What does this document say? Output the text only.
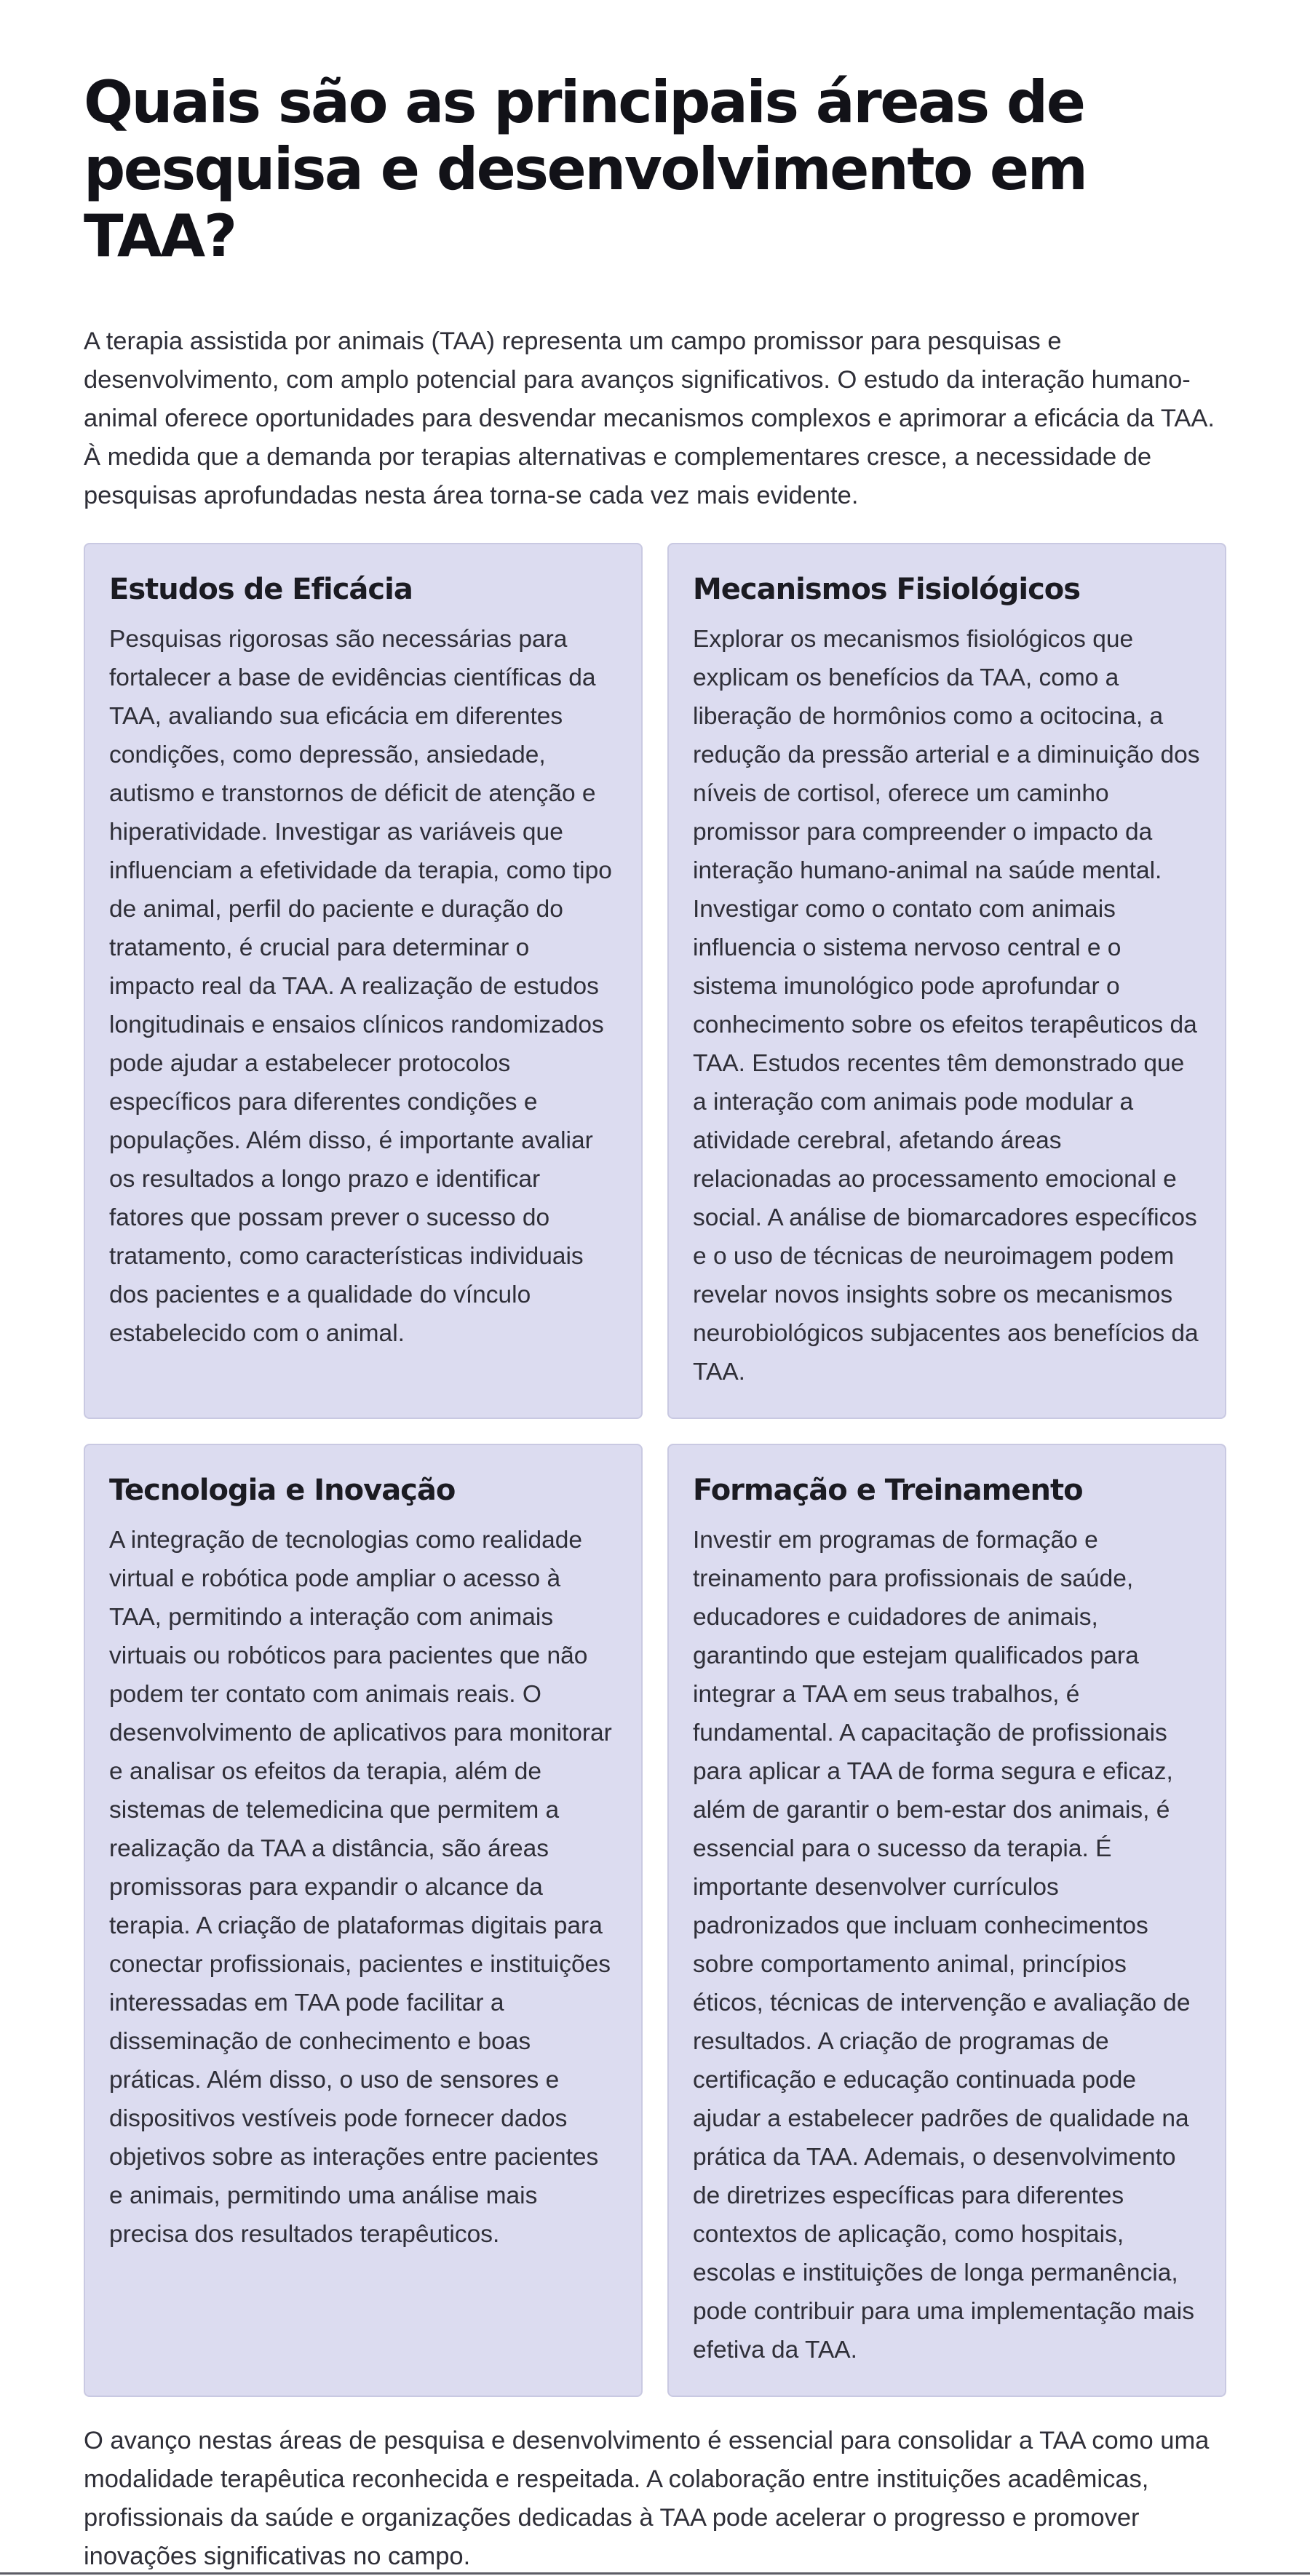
Quais são as principais áreas de pesquisa e desenvolvimento em TAA?

A terapia assistida por animais (TAA) representa um campo promissor para pesquisas e desenvolvimento, com amplo potencial para avanços significativos. O estudo da interação humano-animal oferece oportunidades para desvendar mecanismos complexos e aprimorar a eficácia da TAA. À medida que a demanda por terapias alternativas e complementares cresce, a necessidade de pesquisas aprofundadas nesta área torna-se cada vez mais evidente.

Estudos de Eficácia

Pesquisas rigorosas são necessárias para fortalecer a base de evidências científicas da TAA, avaliando sua eficácia em diferentes condições, como depressão, ansiedade, autismo e transtornos de déficit de atenção e hiperatividade. Investigar as variáveis que influenciam a efetividade da terapia, como tipo de animal, perfil do paciente e duração do tratamento, é crucial para determinar o impacto real da TAA. A realização de estudos longitudinais e ensaios clínicos randomizados pode ajudar a estabelecer protocolos específicos para diferentes condições e populações. Além disso, é importante avaliar os resultados a longo prazo e identificar fatores que possam prever o sucesso do tratamento, como características individuais dos pacientes e a qualidade do vínculo estabelecido com o animal.

Mecanismos Fisiológicos

Explorar os mecanismos fisiológicos que explicam os benefícios da TAA, como a liberação de hormônios como a ocitocina, a redução da pressão arterial e a diminuição dos níveis de cortisol, oferece um caminho promissor para compreender o impacto da interação humano-animal na saúde mental. Investigar como o contato com animais influencia o sistema nervoso central e o sistema imunológico pode aprofundar o conhecimento sobre os efeitos terapêuticos da TAA. Estudos recentes têm demonstrado que a interação com animais pode modular a atividade cerebral, afetando áreas relacionadas ao processamento emocional e social. A análise de biomarcadores específicos e o uso de técnicas de neuroimagem podem revelar novos insights sobre os mecanismos neurobiológicos subjacentes aos benefícios da TAA.

Tecnologia e Inovação

A integração de tecnologias como realidade virtual e robótica pode ampliar o acesso à TAA, permitindo a interação com animais virtuais ou robóticos para pacientes que não podem ter contato com animais reais. O desenvolvimento de aplicativos para monitorar e analisar os efeitos da terapia, além de sistemas de telemedicina que permitem a realização da TAA a distância, são áreas promissoras para expandir o alcance da terapia. A criação de plataformas digitais para conectar profissionais, pacientes e instituições interessadas em TAA pode facilitar a disseminação de conhecimento e boas práticas. Além disso, o uso de sensores e dispositivos vestíveis pode fornecer dados objetivos sobre as interações entre pacientes e animais, permitindo uma análise mais precisa dos resultados terapêuticos.

Formação e Treinamento

Investir em programas de formação e treinamento para profissionais de saúde, educadores e cuidadores de animais, garantindo que estejam qualificados para integrar a TAA em seus trabalhos, é fundamental. A capacitação de profissionais para aplicar a TAA de forma segura e eficaz, além de garantir o bem-estar dos animais, é essencial para o sucesso da terapia. É importante desenvolver currículos padronizados que incluam conhecimentos sobre comportamento animal, princípios éticos, técnicas de intervenção e avaliação de resultados. A criação de programas de certificação e educação continuada pode ajudar a estabelecer padrões de qualidade na prática da TAA. Ademais, o desenvolvimento de diretrizes específicas para diferentes contextos de aplicação, como hospitais, escolas e instituições de longa permanência, pode contribuir para uma implementação mais efetiva da TAA.

O avanço nestas áreas de pesquisa e desenvolvimento é essencial para consolidar a TAA como uma modalidade terapêutica reconhecida e respeitada. A colaboração entre instituições acadêmicas, profissionais da saúde e organizações dedicadas à TAA pode acelerar o progresso e promover inovações significativas no campo.
